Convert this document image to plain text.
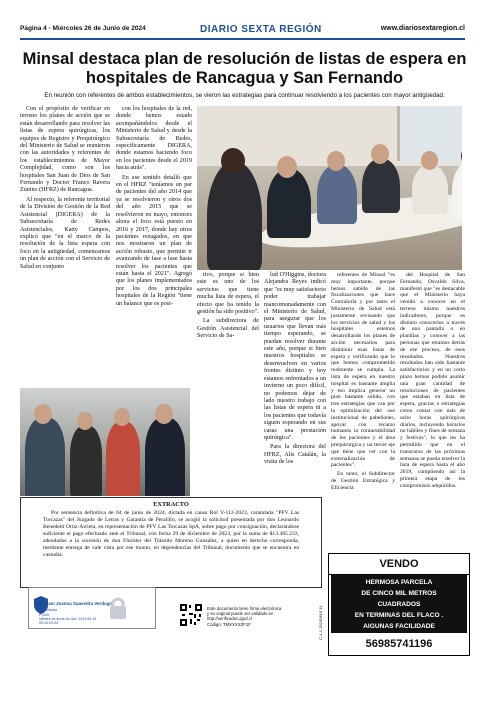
Página 4 - Miércoles 26 de Junio de 2024	DIARIO SEXTA REGIÓN	www.diariosextaregion.cl
Minsal destaca plan de resolución de listas de espera en hospitales de Rancagua y San Fernando
En reunión con referentes de ambos establecimientos, se vieron las estrategias para continuar resolviendo a los pacientes con mayor antigüedad.

Con el propósito de verificar en terreno los planes de acción que se están desarrollando para resolver las listas de espera quirúrgicas, los equipos de Registro y Prequirúrgico del Ministerio de Salud se reunieron con las autoridades y referentes de los establecimientos de Mayor Complejidad, como son los hospitales San Juan de Dios de San Fernando y Doctor Franco Ravera Zunino (HFRZ) de Rancagua.

Al respecto, la referente territorial de la División de Gestión de la Red Asistencial (DIGERA) de la Subsecretaría de Redes Asistenciales, Katty Campos, explicó que "en el marco de la resolución de la lista espera con foco en la antigüedad, comenzamos un plan de acción con el Servicio de Salud en conjunto

con los hospitales de la red, donde hemos estado acompañándolos desde el Ministerio de Salud y desde la Subsecretaría de Redes, específicamente DIGERA, donde estamos haciendo foco en los pacientes desde el 2019 hacia atrás".

En ese sentido detalló que en el HFRZ "teníamos un par de pacientes del año 2014 que ya se resolvieron y otros dos del año 2015 que se resolvieron en mayo, entonces ahora el foco está puesto en 2016 y 2017, donde hay otros pacientes rezagados, en que nos mostraron un plan de acción robusto, que permite ir avanzando de fase a fase hasta resolver los pacientes que están hasta el 2021". Agregó que los planes implementados por los dos principales hospitales de la Región "tiene un balance que es posi-

tivo, porque si bien este es uno de los servicios que tiene mucha lista de espera, el efecto que ha tenido la gestión ha sido positivo".

La subdirectora de Gestión Asistencial del Servicio de Sa-

lud O'Higgins, doctora Alejandra Reyes indicó que "es muy satisfactorio poder trabajar mancomunadamente con el Ministerio de Salud, para asegurar que los usuarios que llevan más tiempo esperando, se puedan resolver durante este año, porque si bien nuestros hospitales se desenvuelven en varios frentes distinto y hoy estamos enfrentados a un invierno un poco difícil, no podemos dejar de lado nuestro trabajo con las listas de espera ni a los pacientes que todavía siguen esperando en sus casas una prestación quirúrgica".

Para la directora del HFRZ, Alis Catalán, la visita de los

referentes de Minsal "es muy importante, porque hemos sabido de las fiscalizaciones que hace Contraloría y por tanto el Ministerio de Salud está justamente revisando que los servicios de salud y los hospitales estemos desarrollando los planes de acción necesarios para disminuir esas listas de espera y verificando que lo que hemos comprometido realmente se cumpla. La lista de espera en nuestro hospital es bastante amplia y eso implica generar un plan bastante sólido, con tres estrategias que van por la optimización del uso institucional de pabellones, apoyar con recurso humanos la contactabilidad de los pacientes y el área prequirúrgica y un tercer eje que tiene que ver con la externalización de pacientes".

En tanto, el Subdirector de Gestión Estratégica y Eficiencia

del Hospital de San Fernando, Osvaldo Silva, manifestó que "es destacable que el Ministerio haya venido a conocer en el terreno mismo nuestros indicadores, porque es distinto conocerlos a través de una pantalla o en planillas y conocer a las personas que estamos detrás de ese proceso, de esos resultados. Nuestros resultados han sido bastante satisfactorios y en un corto plazo hemos podido asumir una gran cantidad de resoluciones de pacientes que estaban en lista de espera, gracias a estrategias como contar con más de ocho horas quirúrgicas diarios, incluyendo horarios no hábiles y fines de semana y festivos", lo que les ha permitido que en el transcurso de las próximas semanas se pueda resolver la lista de espera hasta el año 2019, cumpliendo así la primera etapa de los compromisos adquiridos.

EXTRACTO
Por sentencia definitiva de 04 de junio de 2024, dictada en causa Rol V-112-2023, caratulada "PFV Las Torcazas" del Juzgado de Letras y Garantía de Peralillo, se acogió la solicitud presentada por don Leonardo Benedetti Ortiz-Arrieta, en representación de PFV Las Torcazas SpA, sobre pago por consignación, declarándose suficiente el pago efectuado ante el Tribunal, con fecha 29 de diciembre de 2023, por la suma de $13.485.233, adeudados a la sucesión de don Floridor del Tránsito Moreno González, a quien en derecho corresponda, mediante entrega de vale vista por ese monto, en dependencias del Tribunal, documento que se encuentra en custodia.
Myriam Joanna Saavedra Verdugo
Secretario
PJUD
Validez de firma de doc: 2024.06.19 09:10:03-04
Este documento tiene firma electrónica
y su original puede ser validado en
http://verificadoc.pjud.cl
Código: TMXXXXZF1F	C-1-1-20240619 11
VENDO
HERMOSA PARCELA
DE CINCO MIL METROS
CUADRADOS
EN TERMINAS DEL FLACO .
AIGUNAS FACILIDADE
56985741196
